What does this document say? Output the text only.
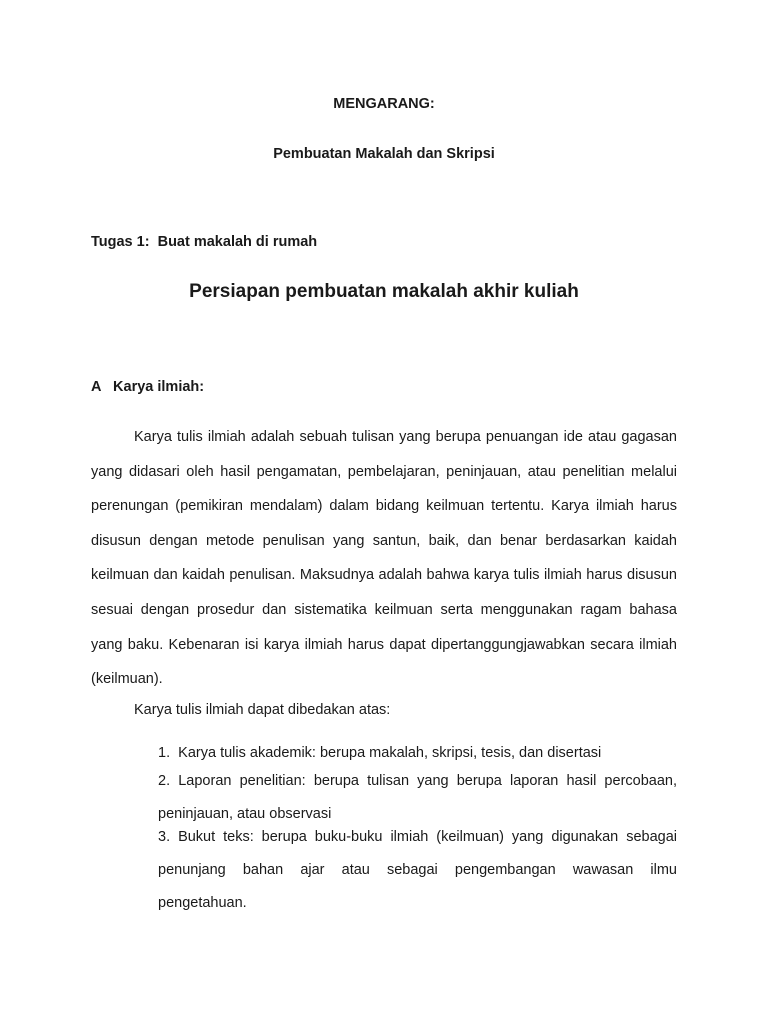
MENGARANG:
Pembuatan Makalah dan Skripsi
Tugas 1:  Buat makalah di rumah
Persiapan pembuatan makalah akhir kuliah
A Karya ilmiah:

Karya tulis ilmiah adalah sebuah tulisan yang berupa penuangan ide atau gagasan yang didasari oleh hasil pengamatan, pembelajaran, peninjauan, atau penelitian melalui perenungan (pemikiran mendalam) dalam bidang keilmuan tertentu. Karya ilmiah harus disusun dengan metode penulisan yang santun, baik, dan benar berdasarkan kaidah keilmuan dan kaidah penulisan. Maksudnya adalah bahwa karya tulis ilmiah harus disusun sesuai dengan prosedur dan sistematika keilmuan serta menggunakan ragam bahasa yang baku. Kebenaran isi karya ilmiah harus dapat dipertanggungjawabkan secara ilmiah (keilmuan).

Karya tulis ilmiah dapat dibedakan atas:
1. Karya tulis akademik: berupa makalah, skripsi, tesis, dan disertasi
2. Laporan penelitian: berupa tulisan yang berupa laporan hasil percobaan, peninjauan, atau observasi
3. Bukut teks: berupa buku-buku ilmiah (keilmuan) yang digunakan sebagai penunjang bahan ajar atau sebagai pengembangan wawasan ilmu pengetahuan.
